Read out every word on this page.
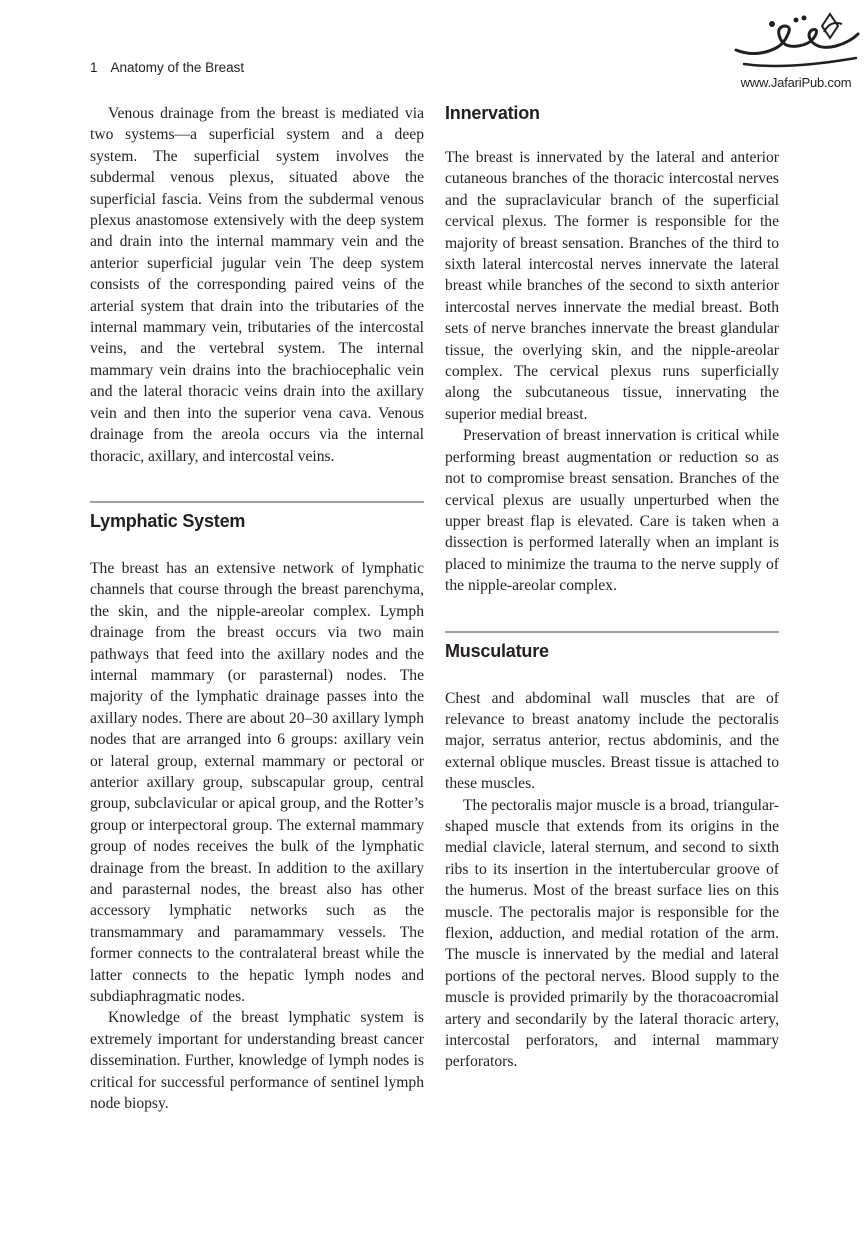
1 Anatomy of the Breast
www.JafariPub.com

Venous drainage from the breast is mediated via two systems—a superficial system and a deep system. The superficial system involves the subdermal venous plexus, situated above the superficial fascia. Veins from the subdermal venous plexus anastomose extensively with the deep system and drain into the internal mammary vein and the anterior superficial jugular vein The deep system consists of the corresponding paired veins of the arterial system that drain into the tributaries of the internal mammary vein, tributaries of the intercostal veins, and the vertebral system. The internal mammary vein drains into the brachiocephalic vein and the lateral thoracic veins drain into the axillary vein and then into the superior vena cava. Venous drainage from the areola occurs via the internal thoracic, axillary, and intercostal veins.

Lymphatic System

The breast has an extensive network of lymphatic channels that course through the breast parenchyma, the skin, and the nipple-areolar complex. Lymph drainage from the breast occurs via two main pathways that feed into the axillary nodes and the internal mammary (or parasternal) nodes. The majority of the lymphatic drainage passes into the axillary nodes. There are about 20–30 axillary lymph nodes that are arranged into 6 groups: axillary vein or lateral group, external mammary or pectoral or anterior axillary group, subscapular group, central group, subclavicular or apical group, and the Rotter’s group or interpectoral group. The external mammary group of nodes receives the bulk of the lymphatic drainage from the breast. In addition to the axillary and parasternal nodes, the breast also has other accessory lymphatic networks such as the transmammary and paramammary vessels. The former connects to the contralateral breast while the latter connects to the hepatic lymph nodes and subdiaphragmatic nodes.

Knowledge of the breast lymphatic system is extremely important for understanding breast cancer dissemination. Further, knowledge of lymph nodes is critical for successful performance of sentinel lymph node biopsy.

Innervation

The breast is innervated by the lateral and anterior cutaneous branches of the thoracic intercostal nerves and the supraclavicular branch of the superficial cervical plexus. The former is responsible for the majority of breast sensation. Branches of the third to sixth lateral intercostal nerves innervate the lateral breast while branches of the second to sixth anterior intercostal nerves innervate the medial breast. Both sets of nerve branches innervate the breast glandular tissue, the overlying skin, and the nipple-areolar complex. The cervical plexus runs superficially along the subcutaneous tissue, innervating the superior medial breast.

Preservation of breast innervation is critical while performing breast augmentation or reduction so as not to compromise breast sensation. Branches of the cervical plexus are usually unperturbed when the upper breast flap is elevated. Care is taken when a dissection is performed laterally when an implant is placed to minimize the trauma to the nerve supply of the nipple-areolar complex.

Musculature

Chest and abdominal wall muscles that are of relevance to breast anatomy include the pectoralis major, serratus anterior, rectus abdominis, and the external oblique muscles. Breast tissue is attached to these muscles.

The pectoralis major muscle is a broad, triangular-shaped muscle that extends from its origins in the medial clavicle, lateral sternum, and second to sixth ribs to its insertion in the intertubercular groove of the humerus. Most of the breast surface lies on this muscle. The pectoralis major is responsible for the flexion, adduction, and medial rotation of the arm. The muscle is innervated by the medial and lateral portions of the pectoral nerves. Blood supply to the muscle is provided primarily by the thoracoacromial artery and secondarily by the lateral thoracic artery, intercostal perforators, and internal mammary perforators.
